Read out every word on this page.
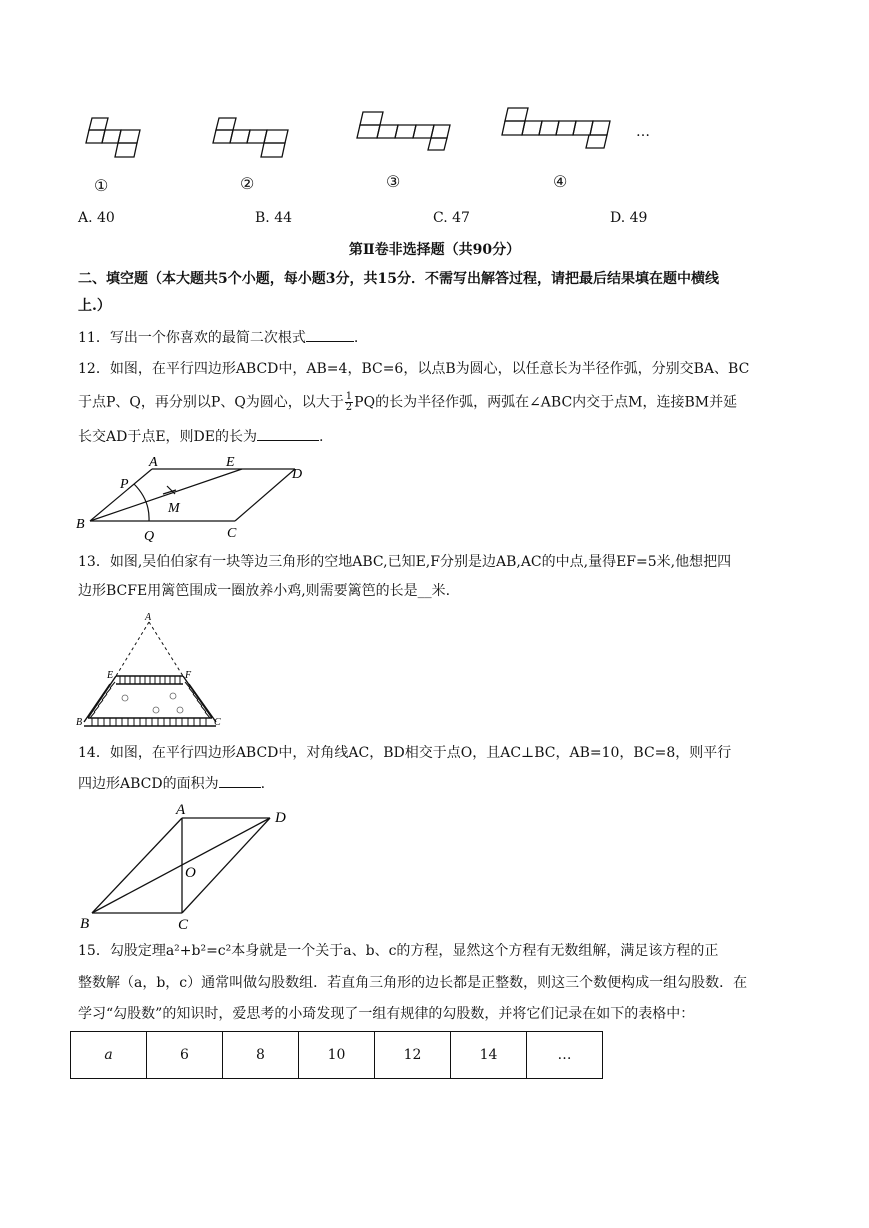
①	②	③	④
…
A. 40	B. 44	C. 47	D. 49
第Ⅱ卷非选择题（共90分）
二、填空题（本大题共5个小题，每小题3分，共15分．不需写出解答过程，请把最后结果填在题中横线
上.）
11．写出一个你喜欢的最简二次根式	.
12．如图，在平行四边形ABCD中，AB=4，BC=6，以点B为圆心，以任意长为半径作弧，分别交BA、BC
于点P、Q，再分别以P、Q为圆心，以大于 $\frac{1}{2}$ PQ的长为半径作弧，两弧在∠ABC内交于点M，连接BM并延
长交AD于点E，则DE的长为	.
A	E
D
P
M
B
Q	C
13．如图,吴伯伯家有一块等边三角形的空地ABC,已知E,F分别是边AB,AC的中点,量得EF=5米,他想把四
边形BCFE用篱笆围成一圈放养小鸡,则需要篱笆的长是__米.
A
E	F
B	C
14．如图，在平行四边形ABCD中，对角线AC，BD相交于点O，且AC⊥BC，AB=10，BC=8，则平行
四边形ABCD的面积为	.
A	D
O
B	C
15．勾股定理a²+b²=c²本身就是一个关于a、b、c的方程，显然这个方程有无数组解，满足该方程的正
整数解（a，b，c）通常叫做勾股数组．若直角三角形的边长都是正整数，则这三个数便构成一组勾股数．在
学习“勾股数”的知识时，爱思考的小琦发现了一组有规律的勾股数，并将它们记录在如下的表格中：
a	6	8	10	12	14	…
